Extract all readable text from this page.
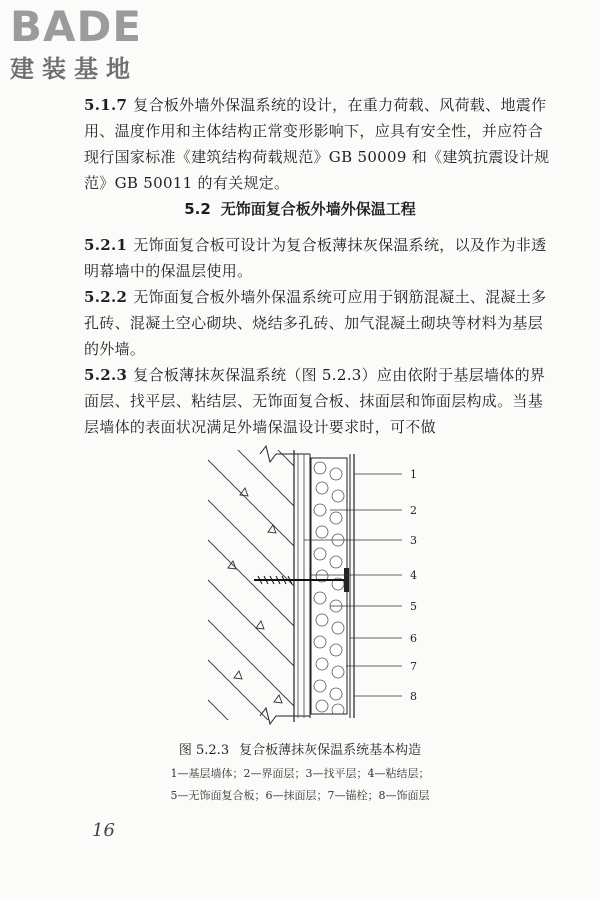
BADE
建装基地

5.1.7 复合板外墙外保温系统的设计，在重力荷载、风荷载、地震作用、温度作用和主体结构正常变形影响下，应具有安全性，并应符合现行国家标准《建筑结构荷载规范》GB 50009 和《建筑抗震设计规范》GB 50011 的有关规定。

5.2 无饰面复合板外墙外保温工程

5.2.1 无饰面复合板可设计为复合板薄抹灰保温系统，以及作为非透明幕墙中的保温层使用。

5.2.2 无饰面复合板外墙外保温系统可应用于钢筋混凝土、混凝土多孔砖、混凝土空心砌块、烧结多孔砖、加气混凝土砌块等材料为基层的外墙。

5.2.3 复合板薄抹灰保温系统（图 5.2.3）应由依附于基层墙体的界面层、找平层、粘结层、无饰面复合板、抹面层和饰面层构成。当基层墙体的表面状况满足外墙保温设计要求时，可不做

1
2
3
4
5
6
7
8
图 5.2.3 复合板薄抹灰保温系统基本构造
1—基层墙体；2—界面层；3—找平层；4—粘结层；
5—无饰面复合板；6—抹面层；7—锚栓；8—饰面层
16
